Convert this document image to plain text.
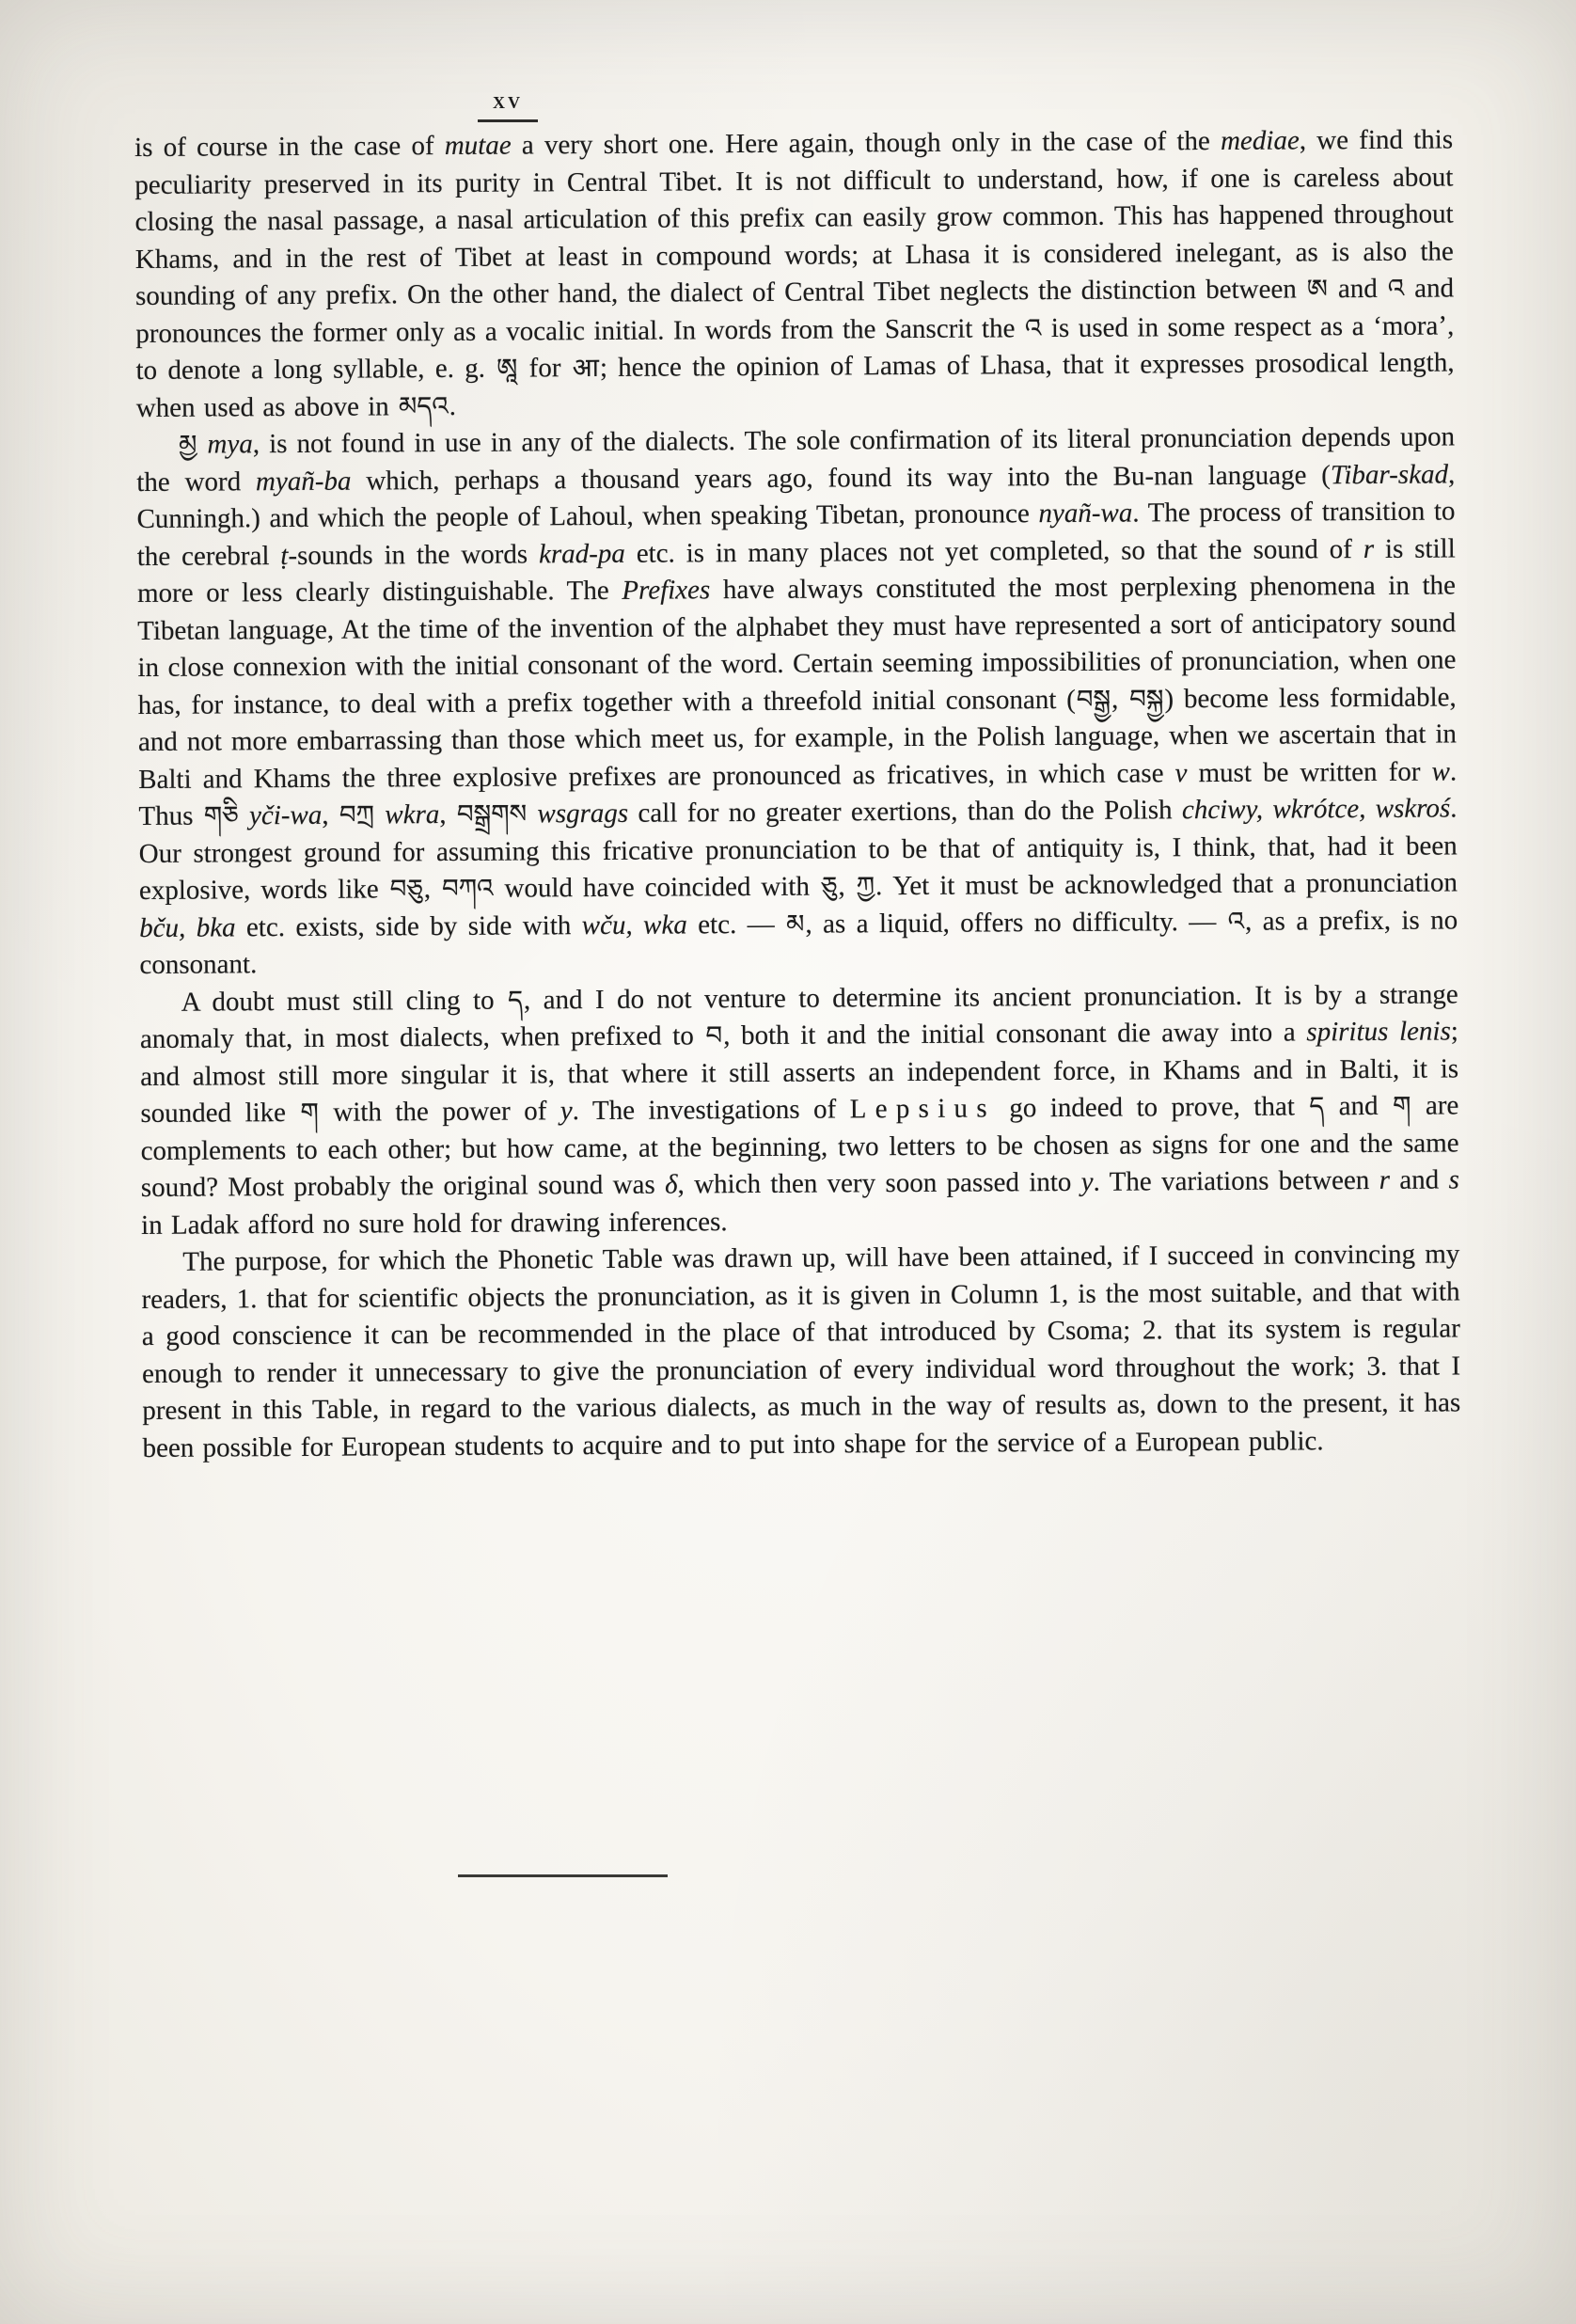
xv

is of course in the case of mutae a very short one. Here again, though only in the case of the mediae, we find this peculiarity preserved in its purity in Central Tibet. It is not difficult to understand, how, if one is careless about closing the nasal passage, a nasal articulation of this prefix can easily grow common. This has happened throughout Khams, and in the rest of Tibet at least in compound words; at Lhasa it is considered inelegant, as is also the sounding of any prefix. On the other hand, the dialect of Central Tibet neglects the distinction between ཨ and འ and pronounces the former only as a vocalic initial. In words from the Sanscrit the འ is used in some respect as a ‘mora’, to denote a long syllable, e. g. ཨཱ for आ; hence the opinion of Lamas of Lhasa, that it expresses prosodical length, when used as above in མདའ.

མྱ mya, is not found in use in any of the dialects. The sole confirmation of its literal pronunciation depends upon the word myañ-ba which, perhaps a thousand years ago, found its way into the Bu-nan language (Tibar-skad, Cunningh.) and which the people of Lahoul, when speaking Tibetan, pronounce nyañ-wa. The process of transition to the cerebral ṭ-sounds in the words krad-pa etc. is in many places not yet completed, so that the sound of r is still more or less clearly distinguishable. The Prefixes have always constituted the most perplexing phenomena in the Tibetan language, At the time of the invention of the alphabet they must have represented a sort of anticipatory sound in close connexion with the initial consonant of the word. Certain seeming impossibilities of pronunciation, when one has, for instance, to deal with a prefix together with a threefold initial consonant (བསྒྱ, བསྐྱ) become less formidable, and not more embarrassing than those which meet us, for example, in the Polish language, when we ascertain that in Balti and Khams the three explosive prefixes are pronounced as fricatives, in which case v must be written for w. Thus གཅི yči-wa, བཀྲ wkra, བསྒྲགས wsgrags call for no greater exertions, than do the Polish chciwy, wkrótce, wskroś. Our strongest ground for assuming this fricative pronunciation to be that of antiquity is, I think, that, had it been explosive, words like བཅུ, བཀའ would have coincided with ཅུ, ཀྱ. Yet it must be acknowledged that a pronunciation bču, bka etc. exists, side by side with wču, wka etc. — མ, as a liquid, offers no difficulty. — འ, as a prefix, is no consonant.

A doubt must still cling to ད, and I do not venture to determine its ancient pronunciation. It is by a strange anomaly that, in most dialects, when prefixed to བ, both it and the initial consonant die away into a spiritus lenis; and almost still more singular it is, that where it still asserts an independent force, in Khams and in Balti, it is sounded like ག with the power of y. The investigations of Lepsius go indeed to prove, that ད and ག are complements to each other; but how came, at the beginning, two letters to be chosen as signs for one and the same sound? Most probably the original sound was δ, which then very soon passed into y. The variations between r and s in Ladak afford no sure hold for drawing inferences.

The purpose, for which the Phonetic Table was drawn up, will have been attained, if I succeed in convincing my readers, 1. that for scientific objects the pronunciation, as it is given in Column 1, is the most suitable, and that with a good conscience it can be recommended in the place of that introduced by Csoma; 2. that its system is regular enough to render it unnecessary to give the pronunciation of every individual word throughout the work; 3. that I present in this Table, in regard to the various dialects, as much in the way of results as, down to the present, it has been possible for European students to acquire and to put into shape for the service of a European public.
